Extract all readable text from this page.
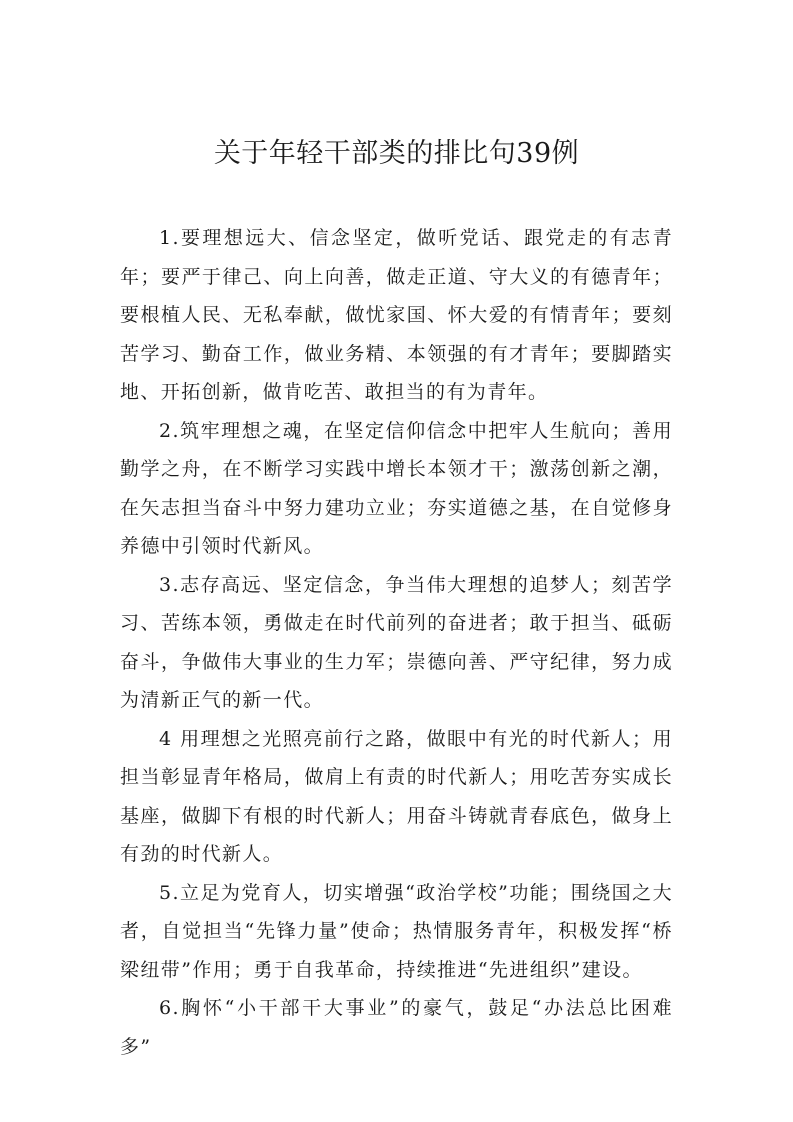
关于年轻干部类的排比句39例

1.要理想远大、信念坚定，做听党话、跟党走的有志青年；要严于律己、向上向善，做走正道、守大义的有德青年；要根植人民、无私奉献，做忧家国、怀大爱的有情青年；要刻苦学习、勤奋工作，做业务精、本领强的有才青年；要脚踏实地、开拓创新，做肯吃苦、敢担当的有为青年。

2.筑牢理想之魂，在坚定信仰信念中把牢人生航向；善用勤学之舟，在不断学习实践中增长本领才干；激荡创新之潮，在矢志担当奋斗中努力建功立业；夯实道德之基，在自觉修身养德中引领时代新风。

3.志存高远、坚定信念，争当伟大理想的追梦人；刻苦学习、苦练本领，勇做走在时代前列的奋进者；敢于担当、砥砺奋斗，争做伟大事业的生力军；崇德向善、严守纪律，努力成为清新正气的新一代。

4 用理想之光照亮前行之路，做眼中有光的时代新人；用担当彰显青年格局，做肩上有责的时代新人；用吃苦夯实成长基座，做脚下有根的时代新人；用奋斗铸就青春底色，做身上有劲的时代新人。

5.立足为党育人，切实增强“政治学校”功能；围绕国之大者，自觉担当“先锋力量”使命；热情服务青年，积极发挥“桥梁纽带”作用；勇于自我革命，持续推进“先进组织”建设。

6.胸怀“小干部干大事业”的豪气，鼓足“办法总比困难多”
